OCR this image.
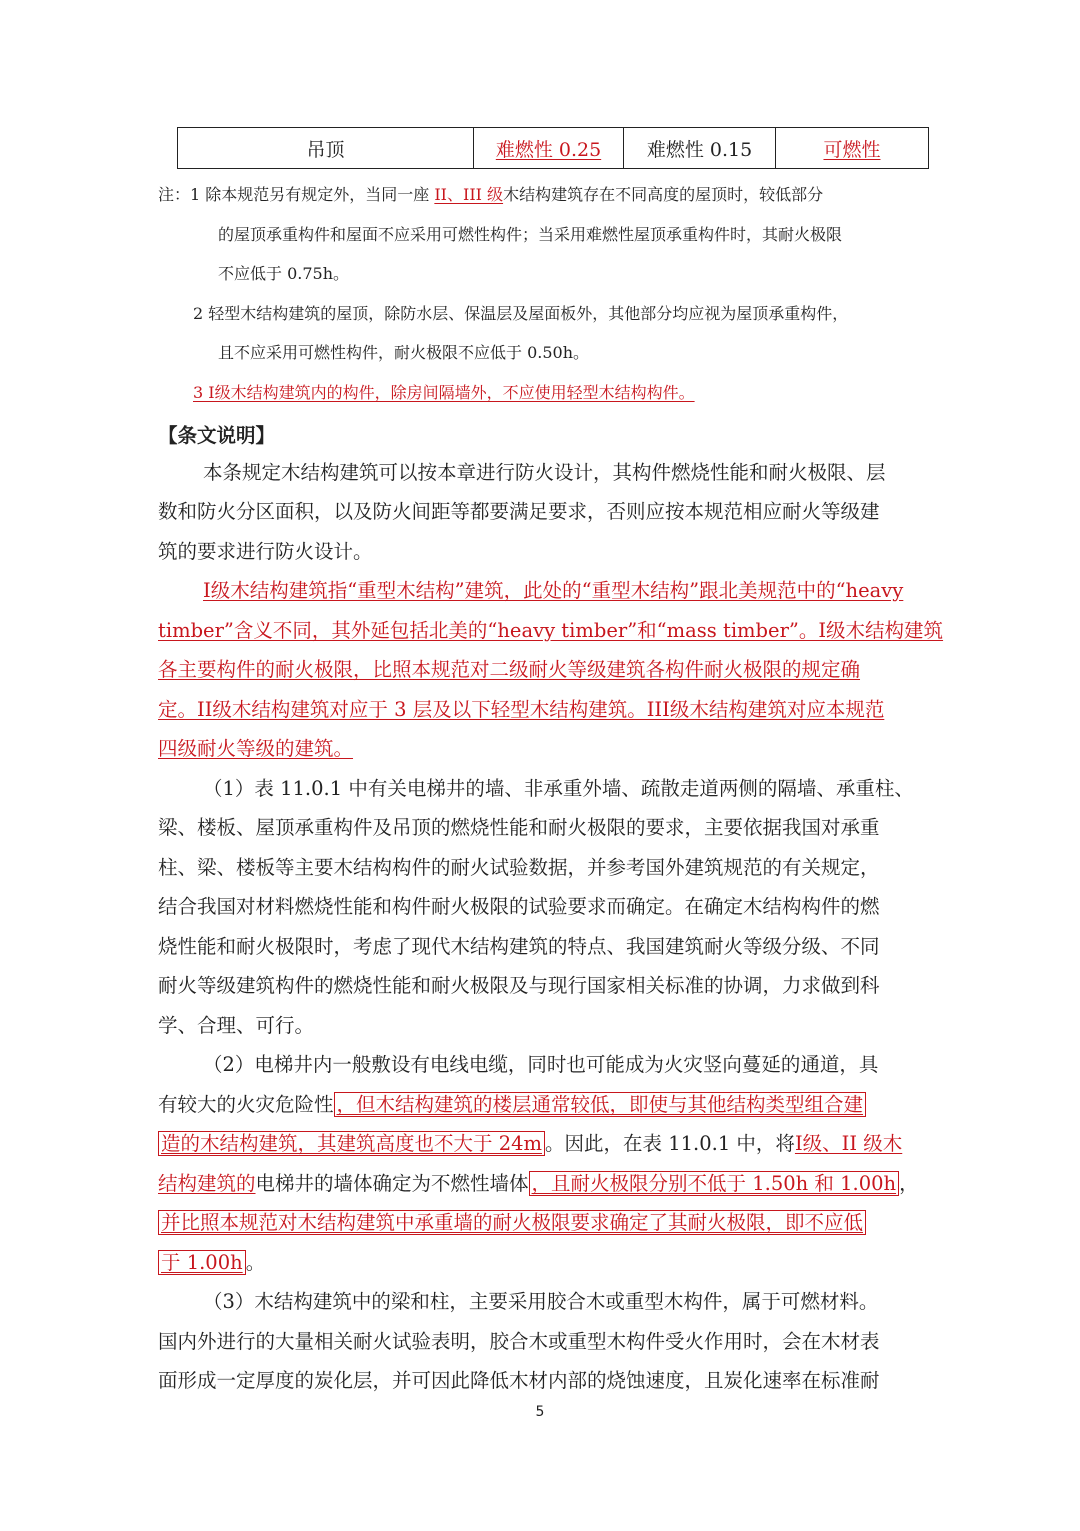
吊顶	难燃性 0.25	难燃性 0.15	可燃性
注：1 除本规范另有规定外，当同一座 II、III 级木结构建筑存在不同高度的屋顶时，较低部分
的屋顶承重构件和屋面不应采用可燃性构件；当采用难燃性屋顶承重构件时，其耐火极限
不应低于 0.75h。
2 轻型木结构建筑的屋顶，除防水层、保温层及屋面板外，其他部分均应视为屋顶承重构件，
且不应采用可燃性构件，耐火极限不应低于 0.50h。
3 I级木结构建筑内的构件，除房间隔墙外，不应使用轻型木结构构件。
【条文说明】
本条规定木结构建筑可以按本章进行防火设计，其构件燃烧性能和耐火极限、层
数和防火分区面积，以及防火间距等都要满足要求，否则应按本规范相应耐火等级建
筑的要求进行防火设计。
I级木结构建筑指“重型木结构”建筑，此处的“重型木结构”跟北美规范中的“heavy
timber”含义不同，其外延包括北美的“heavy timber”和“mass timber”。I级木结构建筑
各主要构件的耐火极限，比照本规范对二级耐火等级建筑各构件耐火极限的规定确
定。II级木结构建筑对应于 3 层及以下轻型木结构建筑。III级木结构建筑对应本规范
四级耐火等级的建筑。
（1）表 11.0.1 中有关电梯井的墙、非承重外墙、疏散走道两侧的隔墙、承重柱、
梁、楼板、屋顶承重构件及吊顶的燃烧性能和耐火极限的要求，主要依据我国对承重
柱、梁、楼板等主要木结构构件的耐火试验数据，并参考国外建筑规范的有关规定，
结合我国对材料燃烧性能和构件耐火极限的试验要求而确定。在确定木结构构件的燃
烧性能和耐火极限时，考虑了现代木结构建筑的特点、我国建筑耐火等级分级、不同
耐火等级建筑构件的燃烧性能和耐火极限及与现行国家相关标准的协调，力求做到科
学、合理、可行。
（2）电梯井内一般敷设有电线电缆，同时也可能成为火灾竖向蔓延的通道，具
有较大的火灾危险性 ，但木结构建筑的楼层通常较低，即使与其他结构类型组合建
造的木结构建筑，其建筑高度也不大于 24m 。因此，在表 11.0.1 中，将I级、II 级木
结构建筑的电梯井的墙体确定为不燃性墙体 ，且耐火极限分别不低于 1.50h 和 1.00h ，
并比照本规范对木结构建筑中承重墙的耐火极限要求确定了其耐火极限，即不应低
于 1.00h 。
（3）木结构建筑中的梁和柱，主要采用胶合木或重型木构件，属于可燃材料。
国内外进行的大量相关耐火试验表明，胶合木或重型木构件受火作用时，会在木材表
面形成一定厚度的炭化层，并可因此降低木材内部的烧蚀速度，且炭化速率在标准耐
5
